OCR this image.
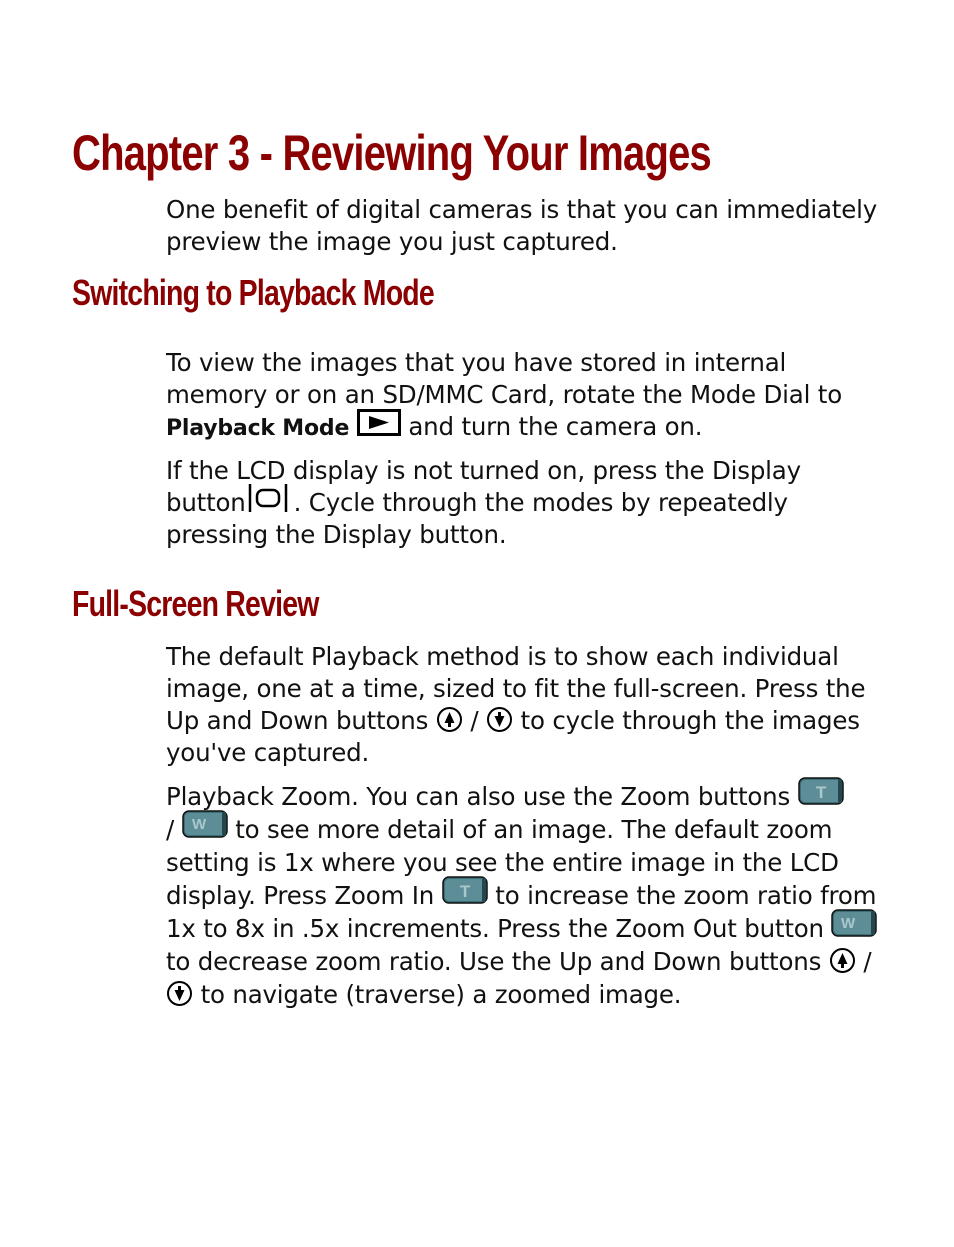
Chapter 3 - Reviewing Your Images

One benefit of digital cameras is that you can immediately preview the image you just captured.

Switching to Playback Mode

To view the images that you have stored in internal memory or on an SD/MMC Card, rotate the Mode Dial to Playback Mode
and turn the camera on.

If the LCD display is not turned on, press the Display button . Cycle through the modes by repeatedly pressing the Display button.

Full-Screen Review

The default Playback method is to show each individual image, one at a time, sized to fit the full-screen. Press the Up and Down buttons
/
to cycle through the images you've captured.

Playback Zoom. You can also use the Zoom buttons T

/ W to see more detail of an image. The default zoom setting is 1x where you see the entire image in the LCD display. Press Zoom In T to increase the zoom ratio from 1x to 8x in .5x increments. Press the Zoom Out button W
to decrease zoom ratio. Use the Up and Down buttons
/
to navigate (traverse) a zoomed image.
